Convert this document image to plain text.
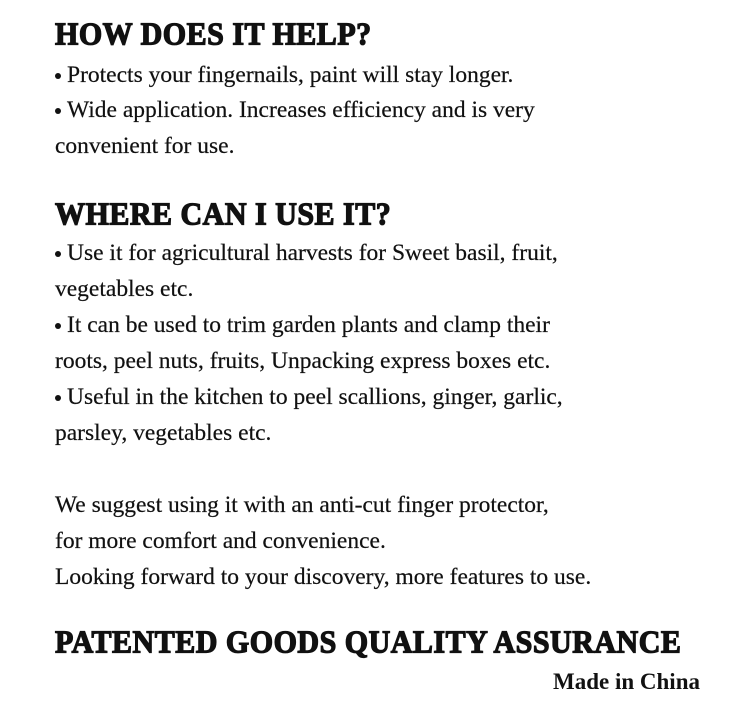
HOW DOES IT HELP?

Protects your fingernails, paint will stay longer.

Wide application. Increases efficiency and is very

convenient for use.

WHERE CAN I USE IT?

Use it for agricultural harvests for Sweet basil, fruit,

vegetables etc.

It can be used to trim garden plants and clamp their

roots, peel nuts, fruits, Unpacking express boxes etc.

Useful in the kitchen to peel scallions, ginger, garlic,

parsley, vegetables etc.

We suggest using it with an anti-cut finger protector,

for more comfort and convenience.

Looking forward to your discovery, more features to use.

PATENTED GOODS QUALITY ASSURANCE

Made in China
